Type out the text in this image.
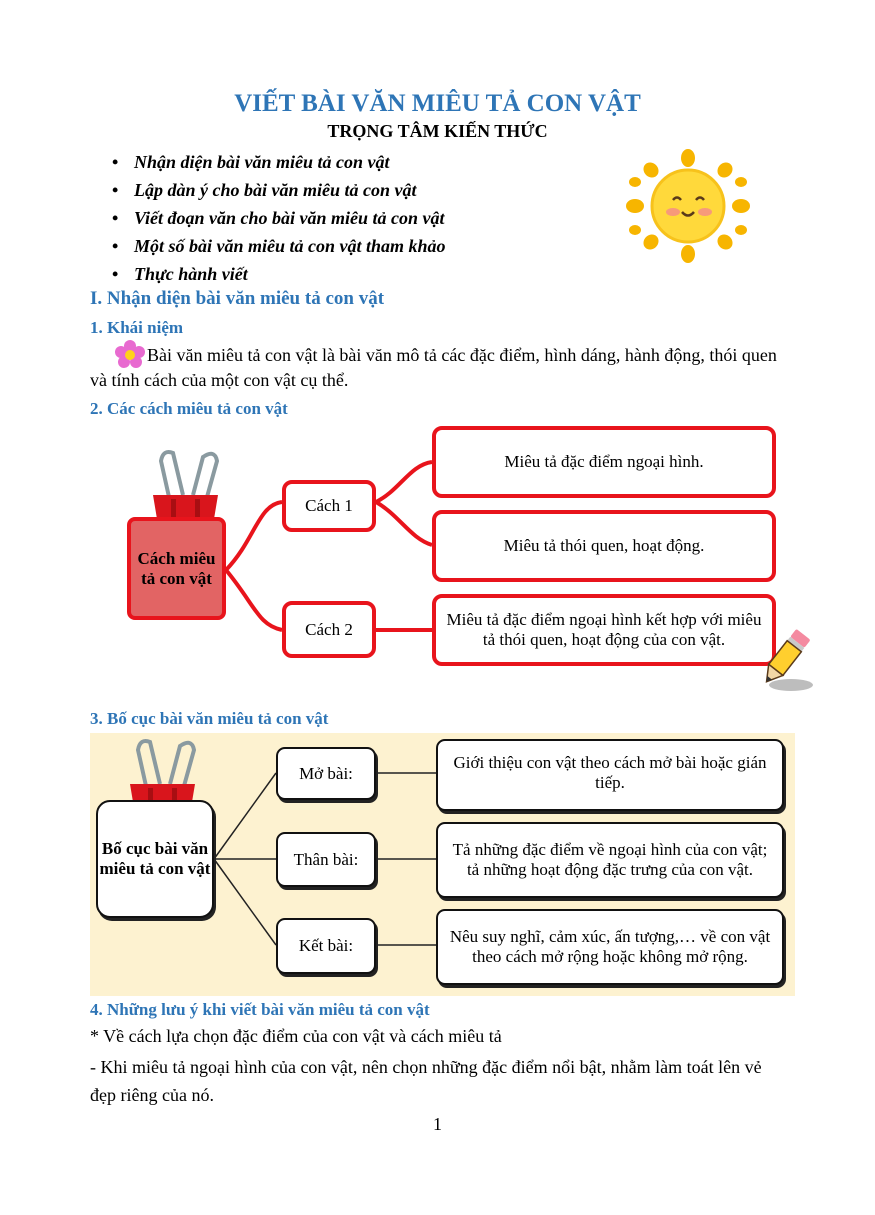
VIẾT BÀI VĂN MIÊU TẢ CON VẬT
TRỌNG TÂM KIẾN THỨC
• Nhận diện bài văn miêu tả con vật
• Lập dàn ý cho bài văn miêu tả con vật
• Viết đoạn văn cho bài văn miêu tả con vật
• Một số bài văn miêu tả con vật tham khảo
• Thực hành viết
I. Nhận diện bài văn miêu tả con vật
1. Khái niệm
Bài văn miêu tả con vật là bài văn mô tả các đặc điểm, hình dáng, hành động, thói quen và tính cách của một con vật cụ thể.
2. Các cách miêu tả con vật
Cách miêu tả con vật
Cách 1
Cách 2
Miêu tả đặc điểm ngoại hình.
Miêu tả thói quen, hoạt động.
Miêu tả đặc điểm ngoại hình kết hợp với miêu tả thói quen, hoạt động của con vật.
3. Bố cục bài văn miêu tả con vật
Bố cục bài văn miêu tả con vật
Mở bài:
Thân bài:
Kết bài:
Giới thiệu con vật theo cách mở bài hoặc gián tiếp.
Tả những đặc điểm về ngoại hình của con vật; tả những hoạt động đặc trưng của con vật.
Nêu suy nghĩ, cảm xúc, ấn tượng,… về con vật theo cách mở rộng hoặc không mở rộng.
4. Những lưu ý khi viết bài văn miêu tả con vật
* Về cách lựa chọn đặc điểm của con vật và cách miêu tả
- Khi miêu tả ngoại hình của con vật, nên chọn những đặc điểm nổi bật, nhằm làm toát lên vẻ đẹp riêng của nó.
1
